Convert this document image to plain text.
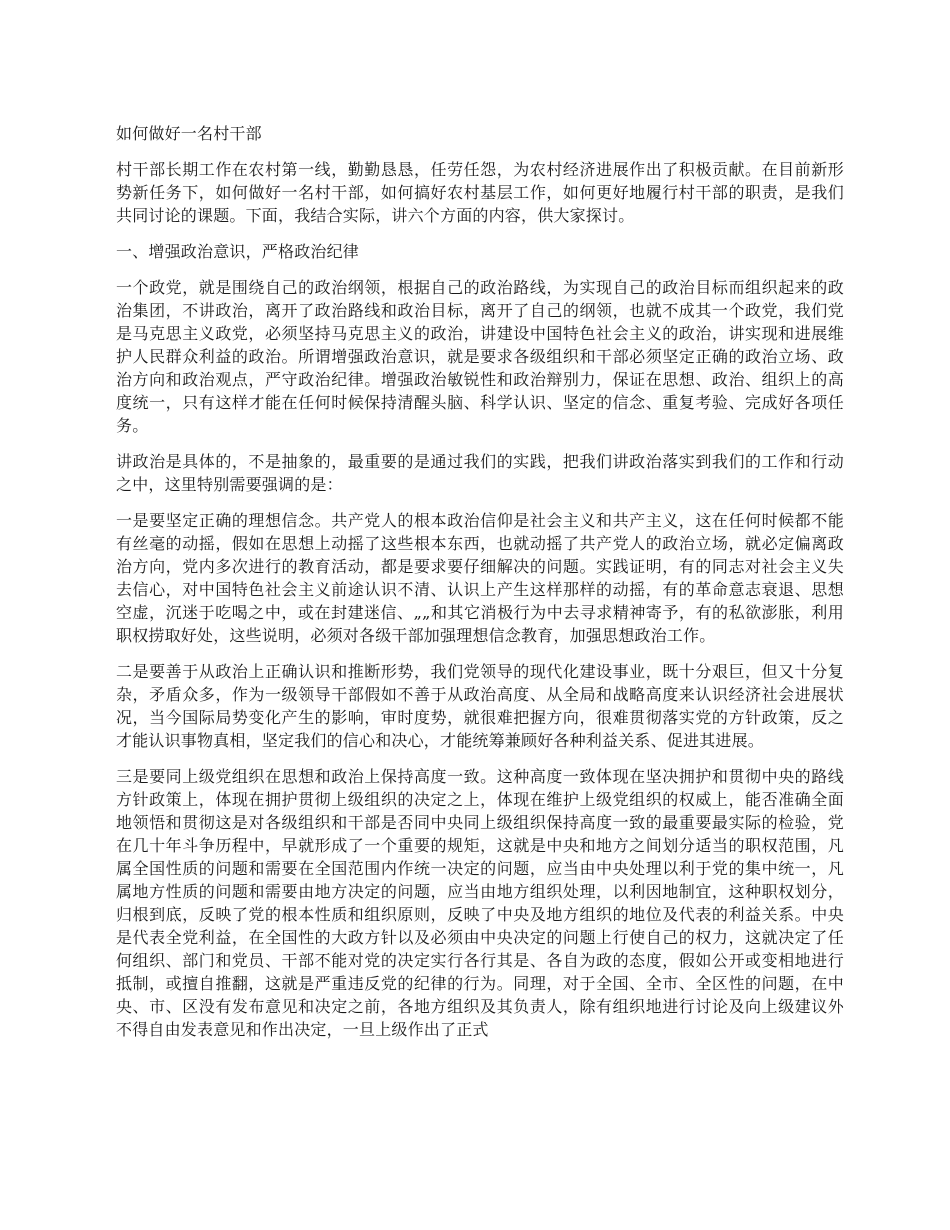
如何做好一名村干部

村干部长期工作在农村第一线，勤勤恳恳，任劳任怨，为农村经济进展作出了积极贡献。在目前新形势新任务下，如何做好一名村干部，如何搞好农村基层工作，如何更好地履行村干部的职责，是我们共同讨论的课题。下面，我结合实际，讲六个方面的内容，供大家探讨。

一、增强政治意识，严格政治纪律

一个政党，就是围绕自己的政治纲领，根据自己的政治路线，为实现自己的政治目标而组织起来的政治集团，不讲政治，离开了政治路线和政治目标，离开了自己的纲领，也就不成其一个政党，我们党是马克思主义政党，必须坚持马克思主义的政治，讲建设中国特色社会主义的政治，讲实现和进展维护人民群众利益的政治。所谓增强政治意识，就是要求各级组织和干部必须坚定正确的政治立场、政治方向和政治观点，严守政治纪律。增强政治敏锐性和政治辩别力，保证在思想、政治、组织上的高度统一，只有这样才能在任何时候保持清醒头脑、科学认识、坚定的信念、重复考验、完成好各项任务。

讲政治是具体的，不是抽象的，最重要的是通过我们的实践，把我们讲政治落实到我们的工作和行动之中，这里特别需要强调的是：

一是要坚定正确的理想信念。共产党人的根本政治信仰是社会主义和共产主义，这在任何时候都不能有丝毫的动摇，假如在思想上动摇了这些根本东西，也就动摇了共产党人的政治立场，就必定偏离政治方向，党内多次进行的教育活动，都是要求要仔细解决的问题。实践证明，有的同志对社会主义失去信心，对中国特色社会主义前途认识不清、认识上产生这样那样的动摇，有的革命意志衰退、思想空虚，沉迷于吃喝之中，或在封建迷信、„„和其它消极行为中去寻求精神寄予，有的私欲澎胀，利用职权捞取好处，这些说明，必须对各级干部加强理想信念教育，加强思想政治工作。

二是要善于从政治上正确认识和推断形势，我们党领导的现代化建设事业，既十分艰巨，但又十分复杂，矛盾众多，作为一级领导干部假如不善于从政治高度、从全局和战略高度来认识经济社会进展状况，当今国际局势变化产生的影响，审时度势，就很难把握方向，很难贯彻落实党的方针政策，反之才能认识事物真相，坚定我们的信心和决心，才能统筹兼顾好各种利益关系、促进其进展。

三是要同上级党组织在思想和政治上保持高度一致。这种高度一致体现在坚决拥护和贯彻中央的路线方针政策上，体现在拥护贯彻上级组织的决定之上，体现在维护上级党组织的权威上，能否准确全面地领悟和贯彻这是对各级组织和干部是否同中央同上级组织保持高度一致的最重要最实际的检验，党在几十年斗争历程中，早就形成了一个重要的规矩，这就是中央和地方之间划分适当的职权范围，凡属全国性质的问题和需要在全国范围内作统一决定的问题，应当由中央处理以利于党的集中统一，凡属地方性质的问题和需要由地方决定的问题，应当由地方组织处理，以利因地制宜，这种职权划分，归根到底，反映了党的根本性质和组织原则，反映了中央及地方组织的地位及代表的利益关系。中央是代表全党利益，在全国性的大政方针以及必须由中央决定的问题上行使自己的权力，这就决定了任何组织、部门和党员、干部不能对党的决定实行各行其是、各自为政的态度，假如公开或变相地进行抵制，或擅自推翻，这就是严重违反党的纪律的行为。同理，对于全国、全市、全区性的问题，在中央、市、区没有发布意见和决定之前，各地方组织及其负责人，除有组织地进行讨论及向上级建议外不得自由发表意见和作出决定，一旦上级作出了正式
